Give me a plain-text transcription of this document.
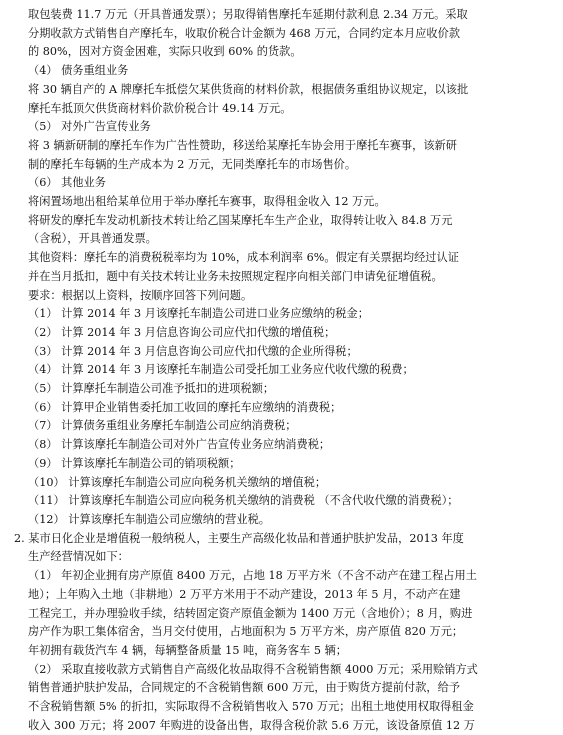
取包装费 11.7 万元（开具普通发票）；另取得销售摩托车延期付款利息 2.34 万元。采取
分期收款方式销售自产摩托车，收取价税合计金额为 468 万元，合同约定本月应收价款
的 80%，因对方资金困难，实际只收到 60% 的货款。
（4） 债务重组业务
将 30 辆自产的 A 牌摩托车抵偿欠某供货商的材料价款，根据债务重组协议规定，以该批
摩托车抵顶欠供货商材料价款价税合计 49.14 万元。
（5） 对外广告宣传业务
将 3 辆新研制的摩托车作为广告性赞助，移送给某摩托车协会用于摩托车赛事，该新研
制的摩托车每辆的生产成本为 2 万元，无同类摩托车的市场售价。
（6） 其他业务
将闲置场地出租给某单位用于举办摩托车赛事，取得租金收入 12 万元。
将研发的摩托车发动机新技术转让给乙国某摩托车生产企业，取得转让收入 84.8 万元
（含税），开具普通发票。
其他资料：摩托车的消费税税率均为 10%，成本利润率 6%。假定有关票据均经过认证
并在当月抵扣，题中有关技术转让业务未按照规定程序向相关部门申请免征增值税。
要求：根据以上资料，按顺序回答下列问题。
（1） 计算 2014 年 3 月该摩托车制造公司进口业务应缴纳的税金；
（2） 计算 2014 年 3 月信息咨询公司应代扣代缴的增值税；
（3） 计算 2014 年 3 月信息咨询公司应代扣代缴的企业所得税；
（4） 计算 2014 年 3 月该摩托车制造公司受托加工业务应代收代缴的税费；
（5） 计算摩托车制造公司准予抵扣的进项税额；
（6） 计算甲企业销售委托加工收回的摩托车应缴纳的消费税；
（7） 计算债务重组业务摩托车制造公司应纳消费税；
（8） 计算该摩托车制造公司对外广告宣传业务应纳消费税；
（9） 计算该摩托车制造公司的销项税额；
（10） 计算该摩托车制造公司应向税务机关缴纳的增值税；
（11） 计算该摩托车制造公司应向税务机关缴纳的消费税 （不含代收代缴的消费税）；
（12） 计算该摩托车制造公司应缴纳的营业税。
2. 某市日化企业是增值税一般纳税人，主要生产高级化妆品和普通护肤护发品，2013 年度
生产经营情况如下：
（1） 年初企业拥有房产原值 8400 万元，占地 18 万平方米（不含不动产在建工程占用土
地）；上年购入土地（非耕地）2 万平方米用于不动产建设，2013 年 5 月，不动产在建
工程完工，并办理验收手续，结转固定资产原值金额为 1400 万元（含地价）；8 月，购进
房产作为职工集体宿舍，当月交付使用，占地面积为 5 万平方米，房产原值 820 万元；
年初拥有载货汽车 4 辆，每辆整备质量 15 吨，商务客车 5 辆；
（2） 采取直接收款方式销售自产高级化妆品取得不含税销售额 4000 万元；采用赊销方式
销售普通护肤护发品，合同规定的不含税销售额 600 万元，由于购货方提前付款，给予
不含税销售额 5% 的折扣，实际取得不含税销售收入 570 万元；出租土地使用权取得租金
收入 300 万元；将 2007 年购进的设备出售，取得含税价款 5.6 万元，该设备原值 12 万
